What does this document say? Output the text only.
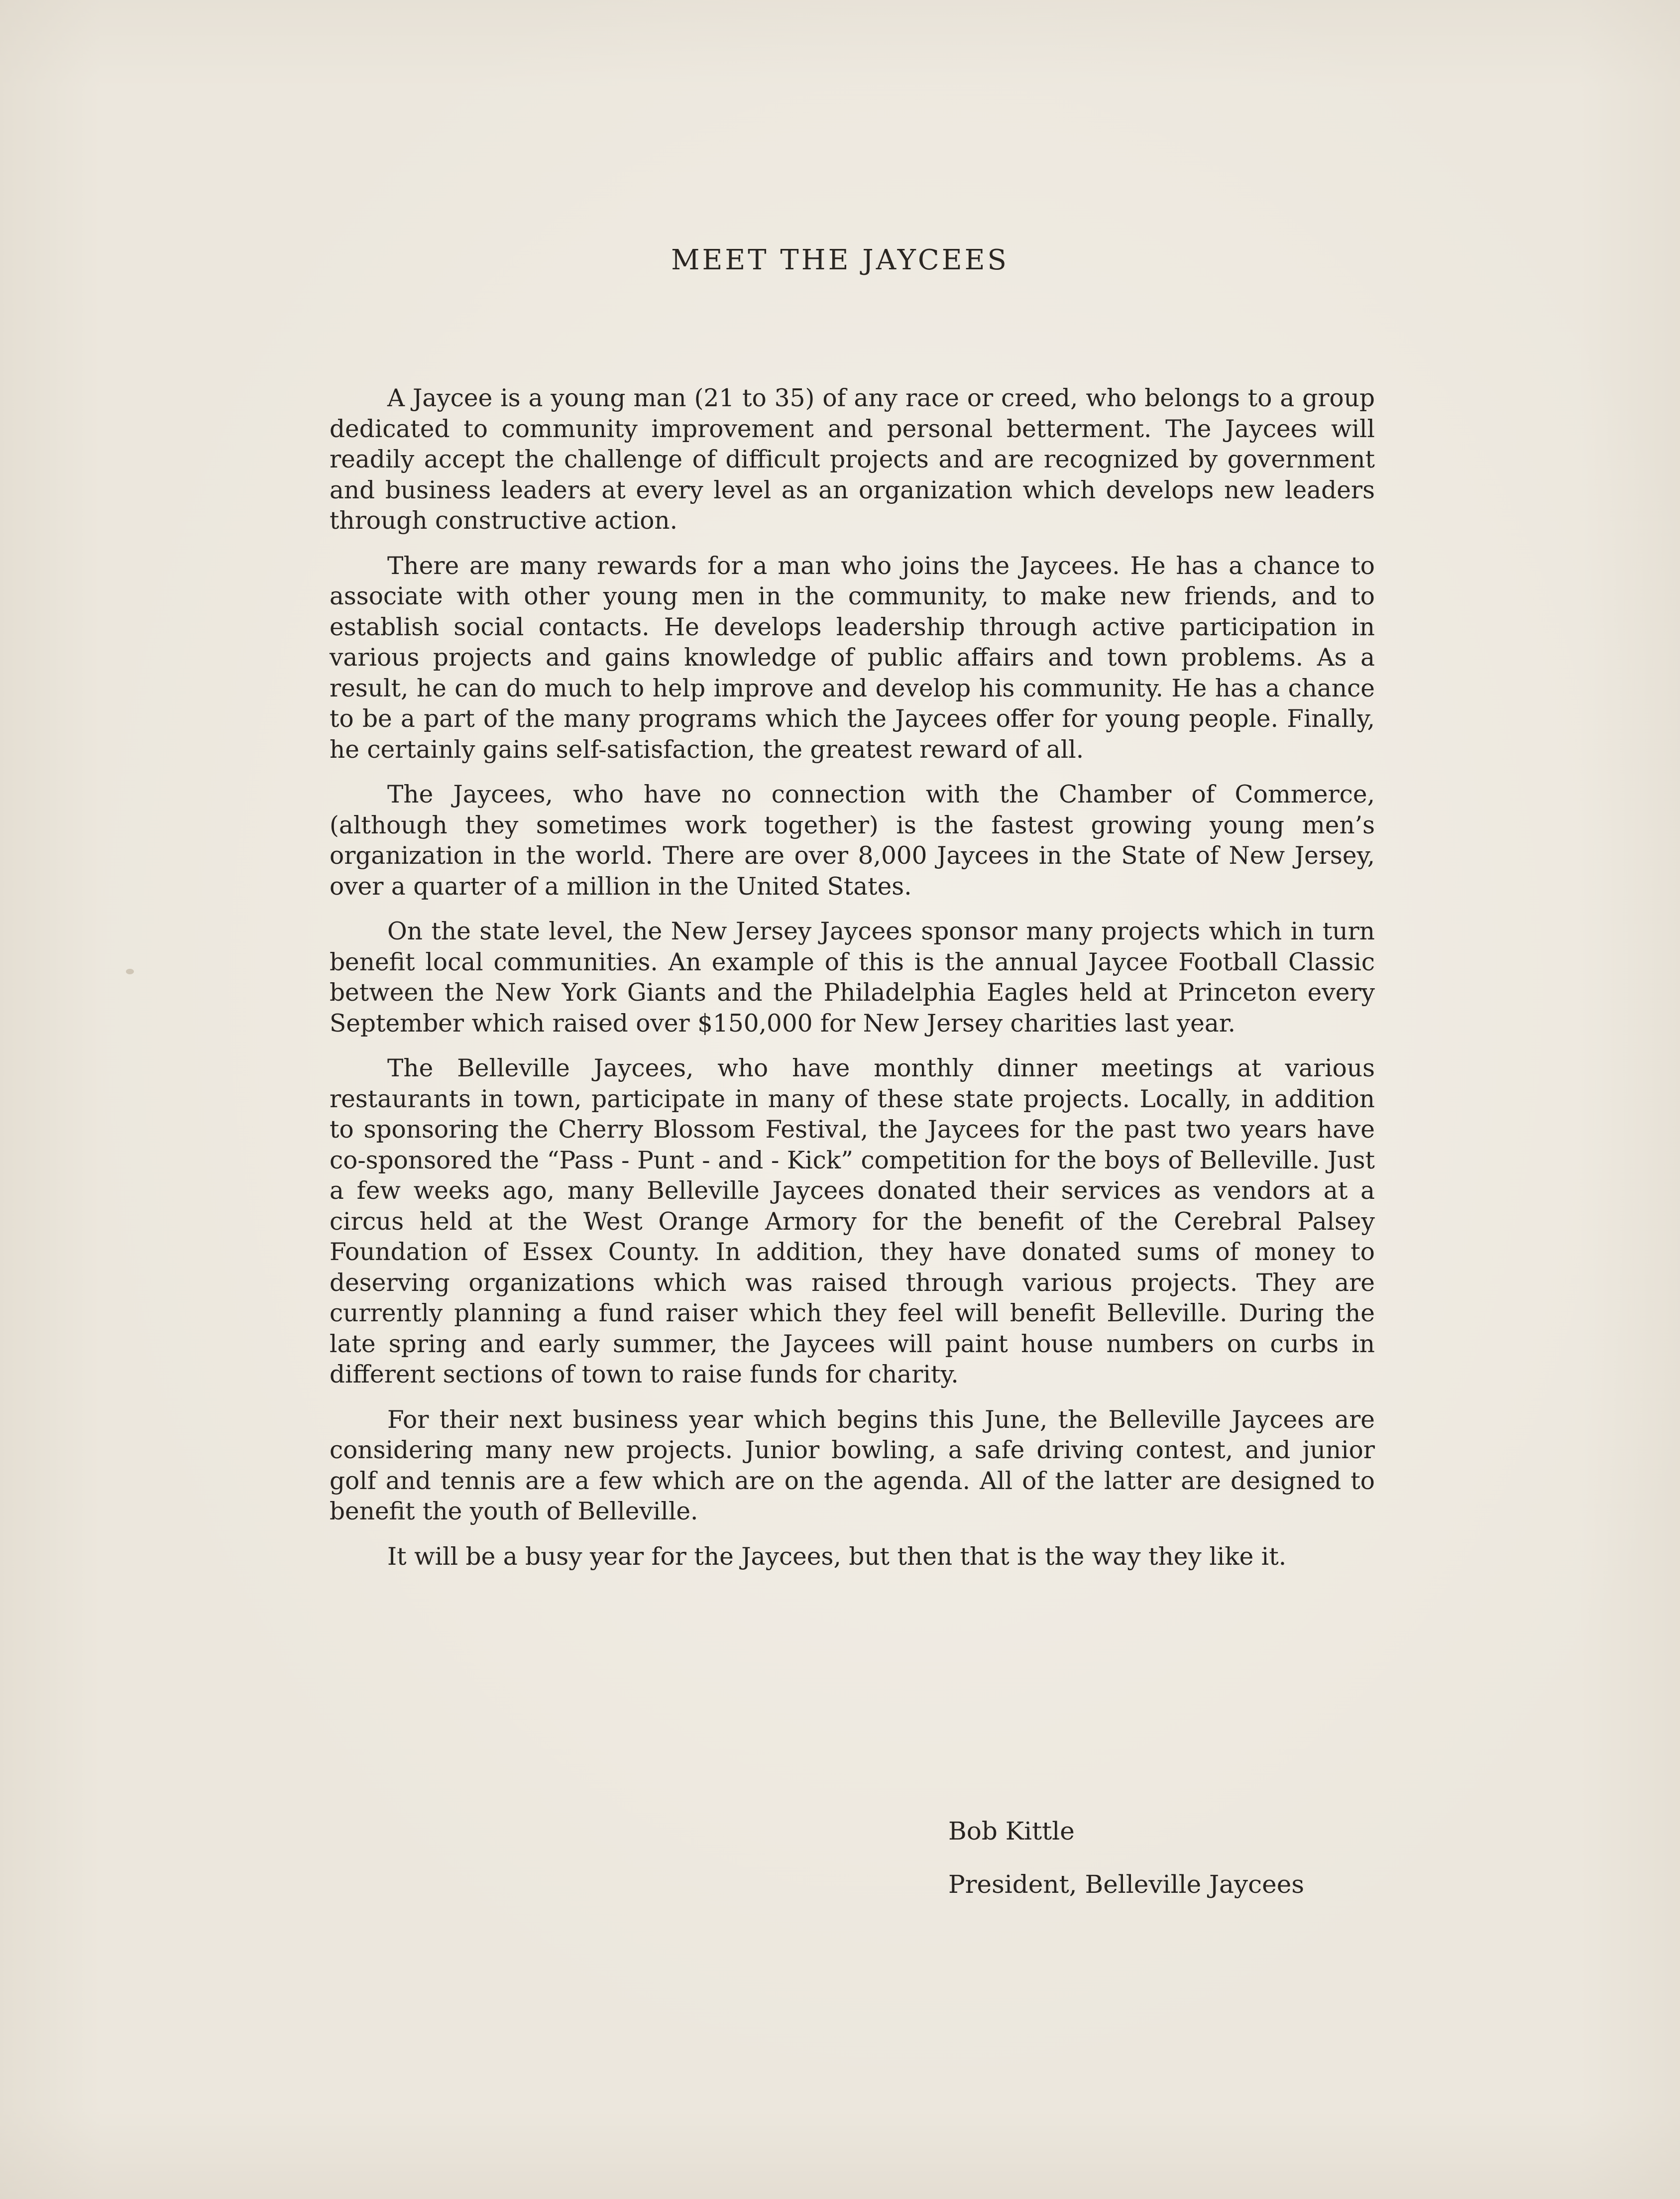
MEET THE JAYCEES

A Jaycee is a young man (21 to 35) of any race or creed, who belongs to a group dedicated to community improvement and personal betterment. The Jaycees will readily accept the challenge of difficult projects and are recognized by government and business leaders at every level as an organization which develops new leaders through constructive action.

There are many rewards for a man who joins the Jaycees. He has a chance to associate with other young men in the community, to make new friends, and to establish social contacts. He develops leadership through active participation in various projects and gains knowledge of public affairs and town problems. As a result, he can do much to help improve and develop his community. He has a chance to be a part of the many programs which the Jaycees offer for young people. Finally, he certainly gains self-satisfaction, the greatest reward of all.

The Jaycees, who have no connection with the Chamber of Commerce, (although they sometimes work together) is the fastest growing young men’s organization in the world. There are over 8,000 Jaycees in the State of New Jersey, over a quarter of a million in the United States.

On the state level, the New Jersey Jaycees sponsor many projects which in turn benefit local communities. An example of this is the annual Jaycee Football Classic between the New York Giants and the Philadelphia Eagles held at Princeton every September which raised over $150,000 for New Jersey charities last year.

The Belleville Jaycees, who have monthly dinner meetings at various restaurants in town, participate in many of these state projects. Locally, in addition to sponsoring the Cherry Blossom Festival, the Jaycees for the past two years have co-sponsored the “Pass - Punt - and - Kick” competition for the boys of Belleville. Just a few weeks ago, many Belleville Jaycees donated their services as vendors at a circus held at the West Orange Armory for the benefit of the Cerebral Palsey Foundation of Essex County. In addition, they have donated sums of money to deserving organizations which was raised through various projects. They are currently planning a fund raiser which they feel will benefit Belleville. During the late spring and early summer, the Jaycees will paint house numbers on curbs in different sections of town to raise funds for charity.

For their next business year which begins this June, the Belleville Jaycees are considering many new projects. Junior bowling, a safe driving contest, and junior golf and tennis are a few which are on the agenda. All of the latter are designed to benefit the youth of Belleville.

It will be a busy year for the Jaycees, but then that is the way they like it.

Bob Kittle
President, Belleville Jaycees
